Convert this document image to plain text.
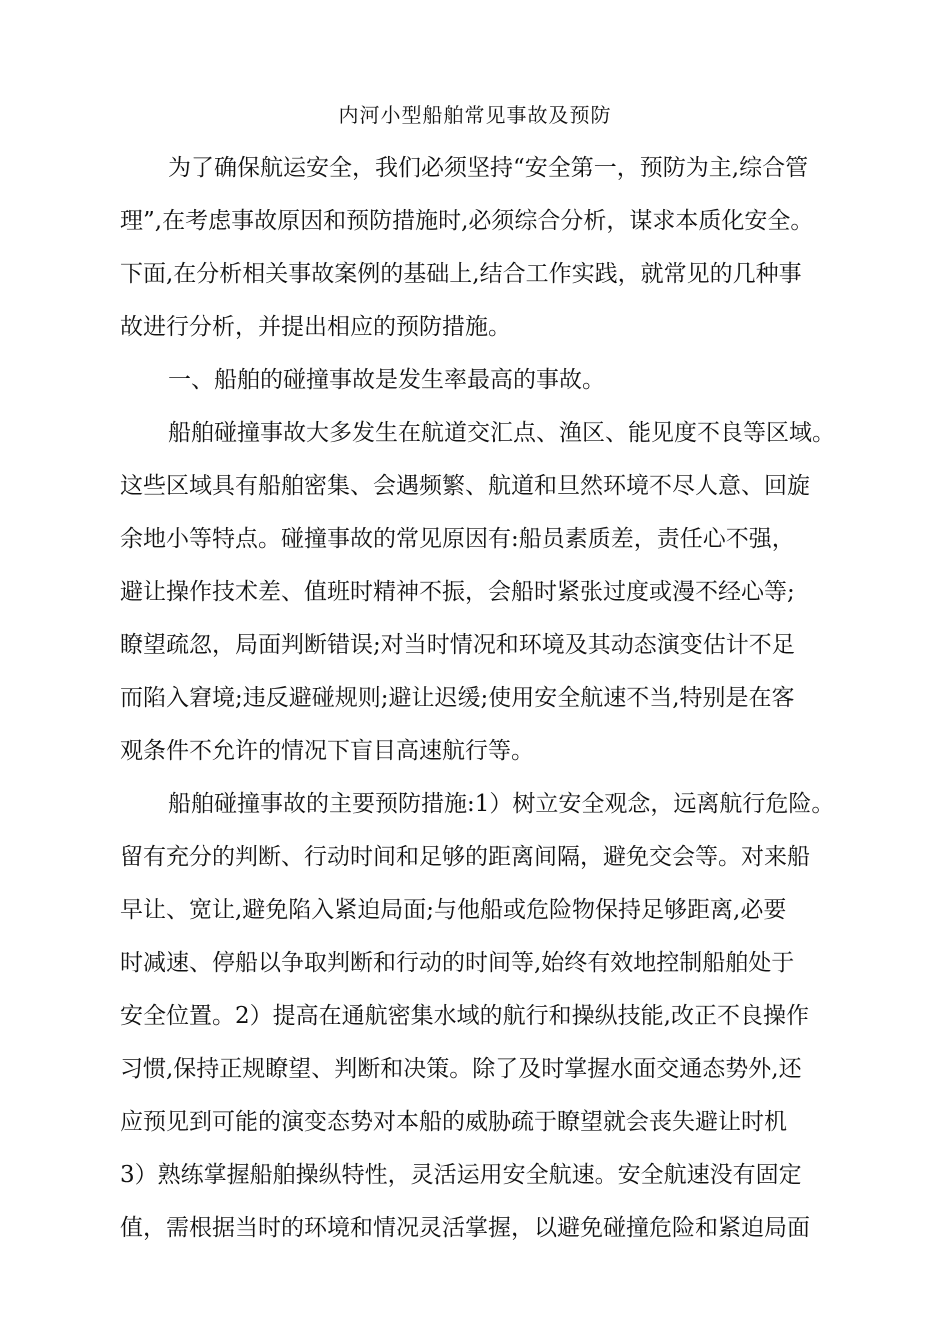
内河小型船舶常见事故及预防
为了确保航运安全，我们必须坚持“安全第一，预防为主,综合管
理”,在考虑事故原因和预防措施时,必须综合分析，谋求本质化安全。
下面,在分析相关事故案例的基础上,结合工作实践，就常见的几种事
故进行分析，并提出相应的预防措施。
一、船舶的碰撞事故是发生率最高的事故。
船舶碰撞事故大多发生在航道交汇点、渔区、能见度不良等区域。
这些区域具有船舶密集、会遇频繁、航道和旦然环境不尽人意、回旋
余地小等特点。碰撞事故的常见原因有:船员素质差，责任心不强，
避让操作技术差、值班时精神不振，会船时紧张过度或漫不经心等;
瞭望疏忽，局面判断错误;对当时情况和环境及其动态演变估计不足
而陷入窘境;违反避碰规则;避让迟缓;使用安全航速不当,特别是在客
观条件不允许的情况下盲目高速航行等。
船舶碰撞事故的主要预防措施:1）树立安全观念，远离航行危险。
留有充分的判断、行动时间和足够的距离间隔，避免交会等。对来船
早让、宽让,避免陷入紧迫局面;与他船或危险物保持足够距离,必要
时减速、停船以争取判断和行动的时间等,始终有效地控制船舶处于
安全位置。2）提高在通航密集水域的航行和操纵技能,改正不良操作
习惯,保持正规瞭望、判断和决策。除了及时掌握水面交通态势外,还
应预见到可能的演变态势对本船的威胁疏于瞭望就会丧失避让时机
3）熟练掌握船舶操纵特性，灵活运用安全航速。安全航速没有固定
值，需根据当时的环境和情况灵活掌握，以避免碰撞危险和紧迫局面
